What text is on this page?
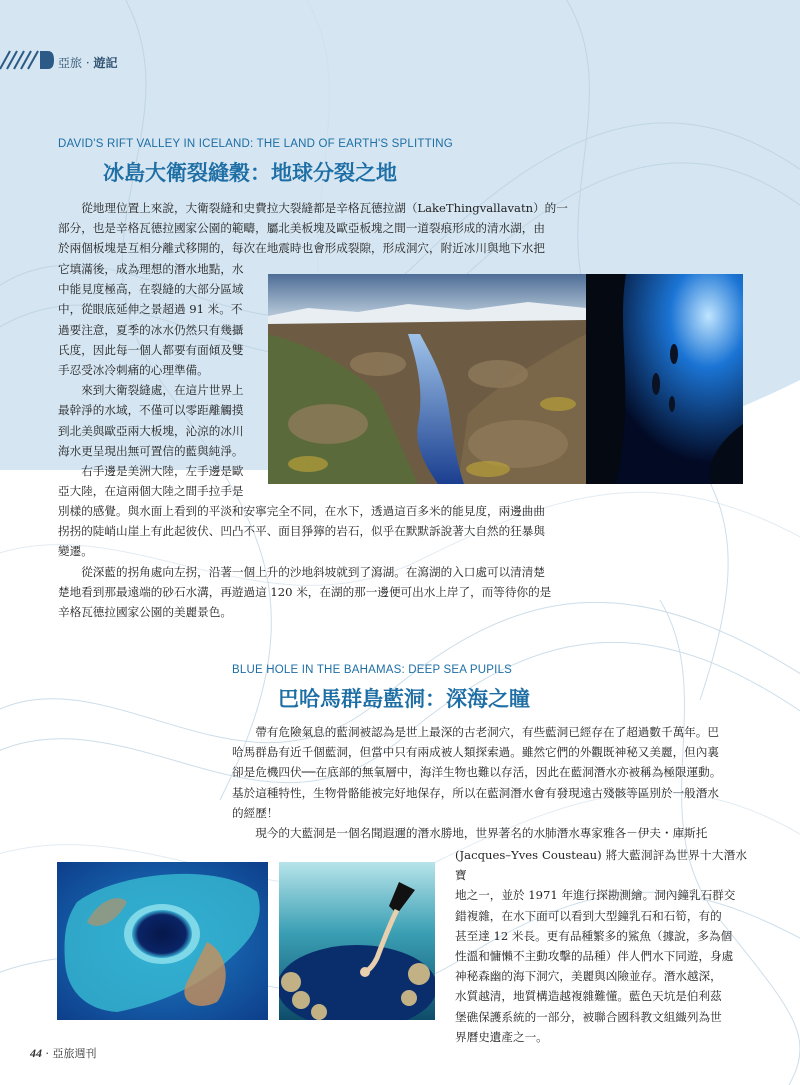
亞旅 · 遊記
DAVID'S RIFT VALLEY IN ICELAND: THE LAND OF EARTH'S SPLITTING
冰島大衛裂縫穀：地球分裂之地
從地理位置上來說，大衛裂縫和史費拉大裂縫都是辛格瓦德拉湖（LakeThingvallavatn）的一
部分，也是辛格瓦德拉國家公園的範疇，屬北美板塊及歐亞板塊之間一道裂痕形成的清水湖，由
於兩個板塊是互相分離式移開的，每次在地震時也會形成裂隙，形成洞穴，附近冰川與地下水把
它填滿後，成為理想的潛水地點，水
中能見度極高，在裂縫的大部分區域
中，從眼底延伸之景超過 91 米。不
過要注意，夏季的冰水仍然只有幾攝
氏度，因此每一個人都要有面傾及雙
手忍受冰冷刺痛的心理準備。
來到大衛裂縫處，在這片世界上
最幹淨的水域，不僅可以零距離觸摸
到北美與歐亞兩大板塊，沁涼的冰川
海水更呈現出無可置信的藍與純淨。
右手邊是美洲大陸，左手邊是歐
亞大陸，在這兩個大陸之間手拉手是
別樣的感覺。與水面上看到的平淡和安寧完全不同，在水下，透過這百多米的能見度，兩邊曲曲
拐拐的陡峭山崖上有此起彼伏、凹凸不平、面目猙獰的岩石，似乎在默默訴說著大自然的狂暴與
變遷。
從深藍的拐角處向左拐，沿著一個上升的沙地斜坡就到了瀉湖。在瀉湖的入口處可以清清楚
楚地看到那最遠端的砂石水溝，再遊過這 120 米，在湖的那一邊便可出水上岸了，而等待你的是
辛格瓦德拉國家公園的美麗景色。
BLUE HOLE IN THE BAHAMAS: DEEP SEA PUPILS
巴哈馬群島藍洞：深海之瞳
帶有危險氣息的藍洞被認為是世上最深的古老洞穴，有些藍洞已經存在了超過數千萬年。巴
哈馬群島有近千個藍洞，但當中只有兩成被人類探索過。雖然它們的外觀既神秘又美麗，但內裏
卻是危機四伏──在底部的無氧層中，海洋生物也難以存活，因此在藍洞潛水亦被稱為極限運動。
基於這種特性，生物骨骼能被完好地保存，所以在藍洞潛水會有發現遠古殘骸等區別於一般潛水
的經歷！
現今的大藍洞是一個名聞遐邇的潛水勝地，世界著名的水肺潛水專家雅各－伊夫・庫斯托
(Jacques–Yves Cousteau) 將大藍洞評為世界十大潛水寶
地之一，並於 1971 年進行探勘測繪。洞內鐘乳石群交
錯複雜，在水下面可以看到大型鐘乳石和石筍，有的
甚至達 12 米長。更有品種繁多的鯊魚（據說，多為個
性溫和慵懶不主動攻擊的品種）伴人們水下同遊，身處
神秘森幽的海下洞穴，美麗與凶險並存。潛水越深，
水質越清，地質構造越複雜難懂。藍色天坑是伯利茲
堡礁保護系統的一部分，被聯合國科教文組織列為世
界曆史遺產之一。
44 · 亞旅週刊
